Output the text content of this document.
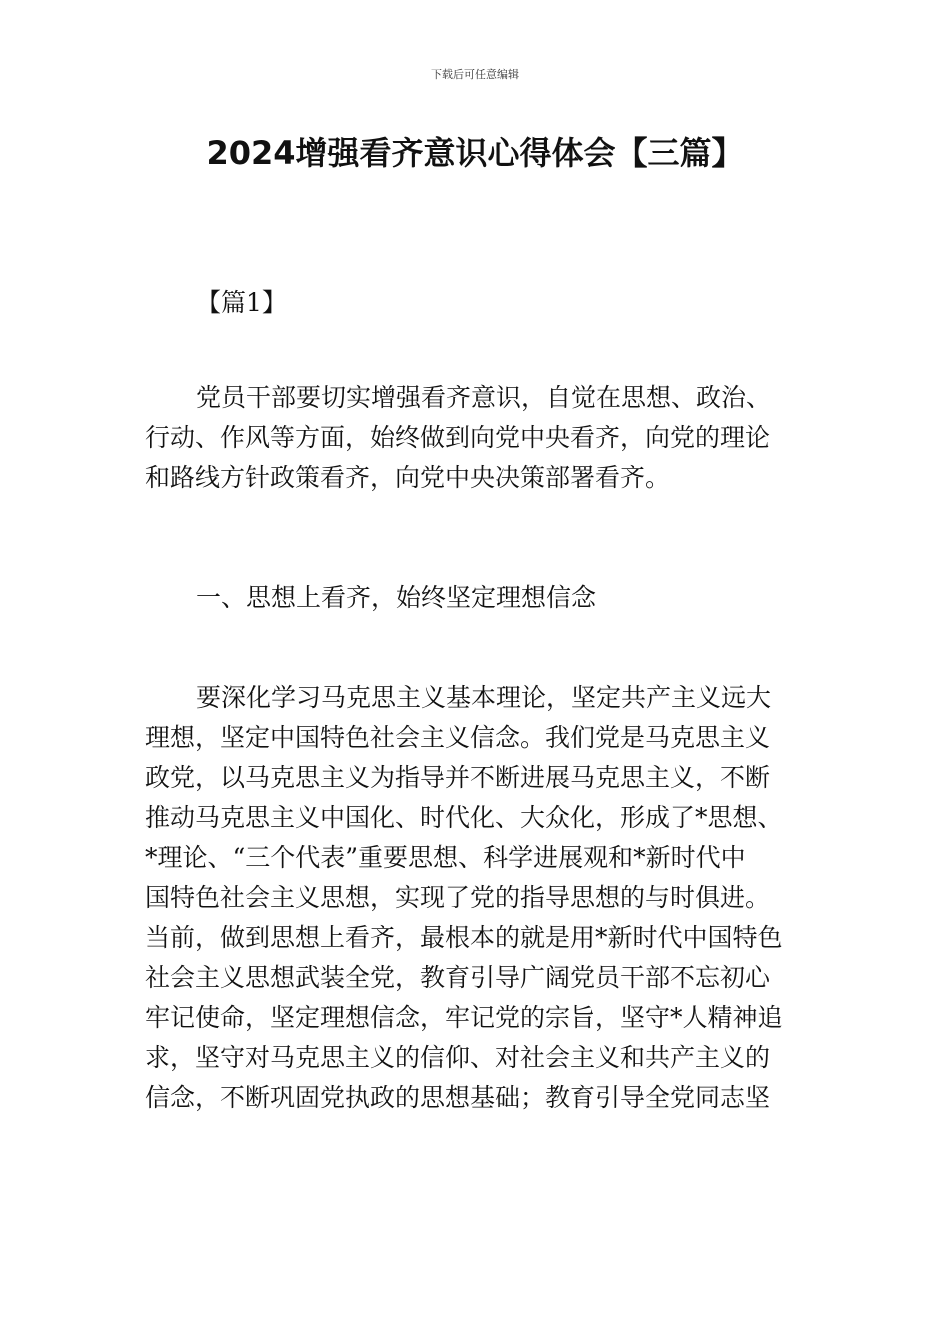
下载后可任意编辑
2024增强看齐意识心得体会【三篇】
【篇1】
党员干部要切实增强看齐意识，自觉在思想、政治、
行动、作风等方面，始终做到向党中央看齐，向党的理论
和路线方针政策看齐，向党中央决策部署看齐。
一、思想上看齐，始终坚定理想信念
要深化学习马克思主义基本理论，坚定共产主义远大
理想，坚定中国特色社会主义信念。我们党是马克思主义
政党，以马克思主义为指导并不断进展马克思主义，不断
推动马克思主义中国化、时代化、大众化，形成了*思想、
*理论、“三个代表”重要思想、科学进展观和*新时代中
国特色社会主义思想，实现了党的指导思想的与时俱进。
当前，做到思想上看齐，最根本的就是用*新时代中国特色
社会主义思想武装全党，教育引导广阔党员干部不忘初心
牢记使命，坚定理想信念，牢记党的宗旨，坚守*人精神追
求，坚守对马克思主义的信仰、对社会主义和共产主义的
信念，不断巩固党执政的思想基础；教育引导全党同志坚
